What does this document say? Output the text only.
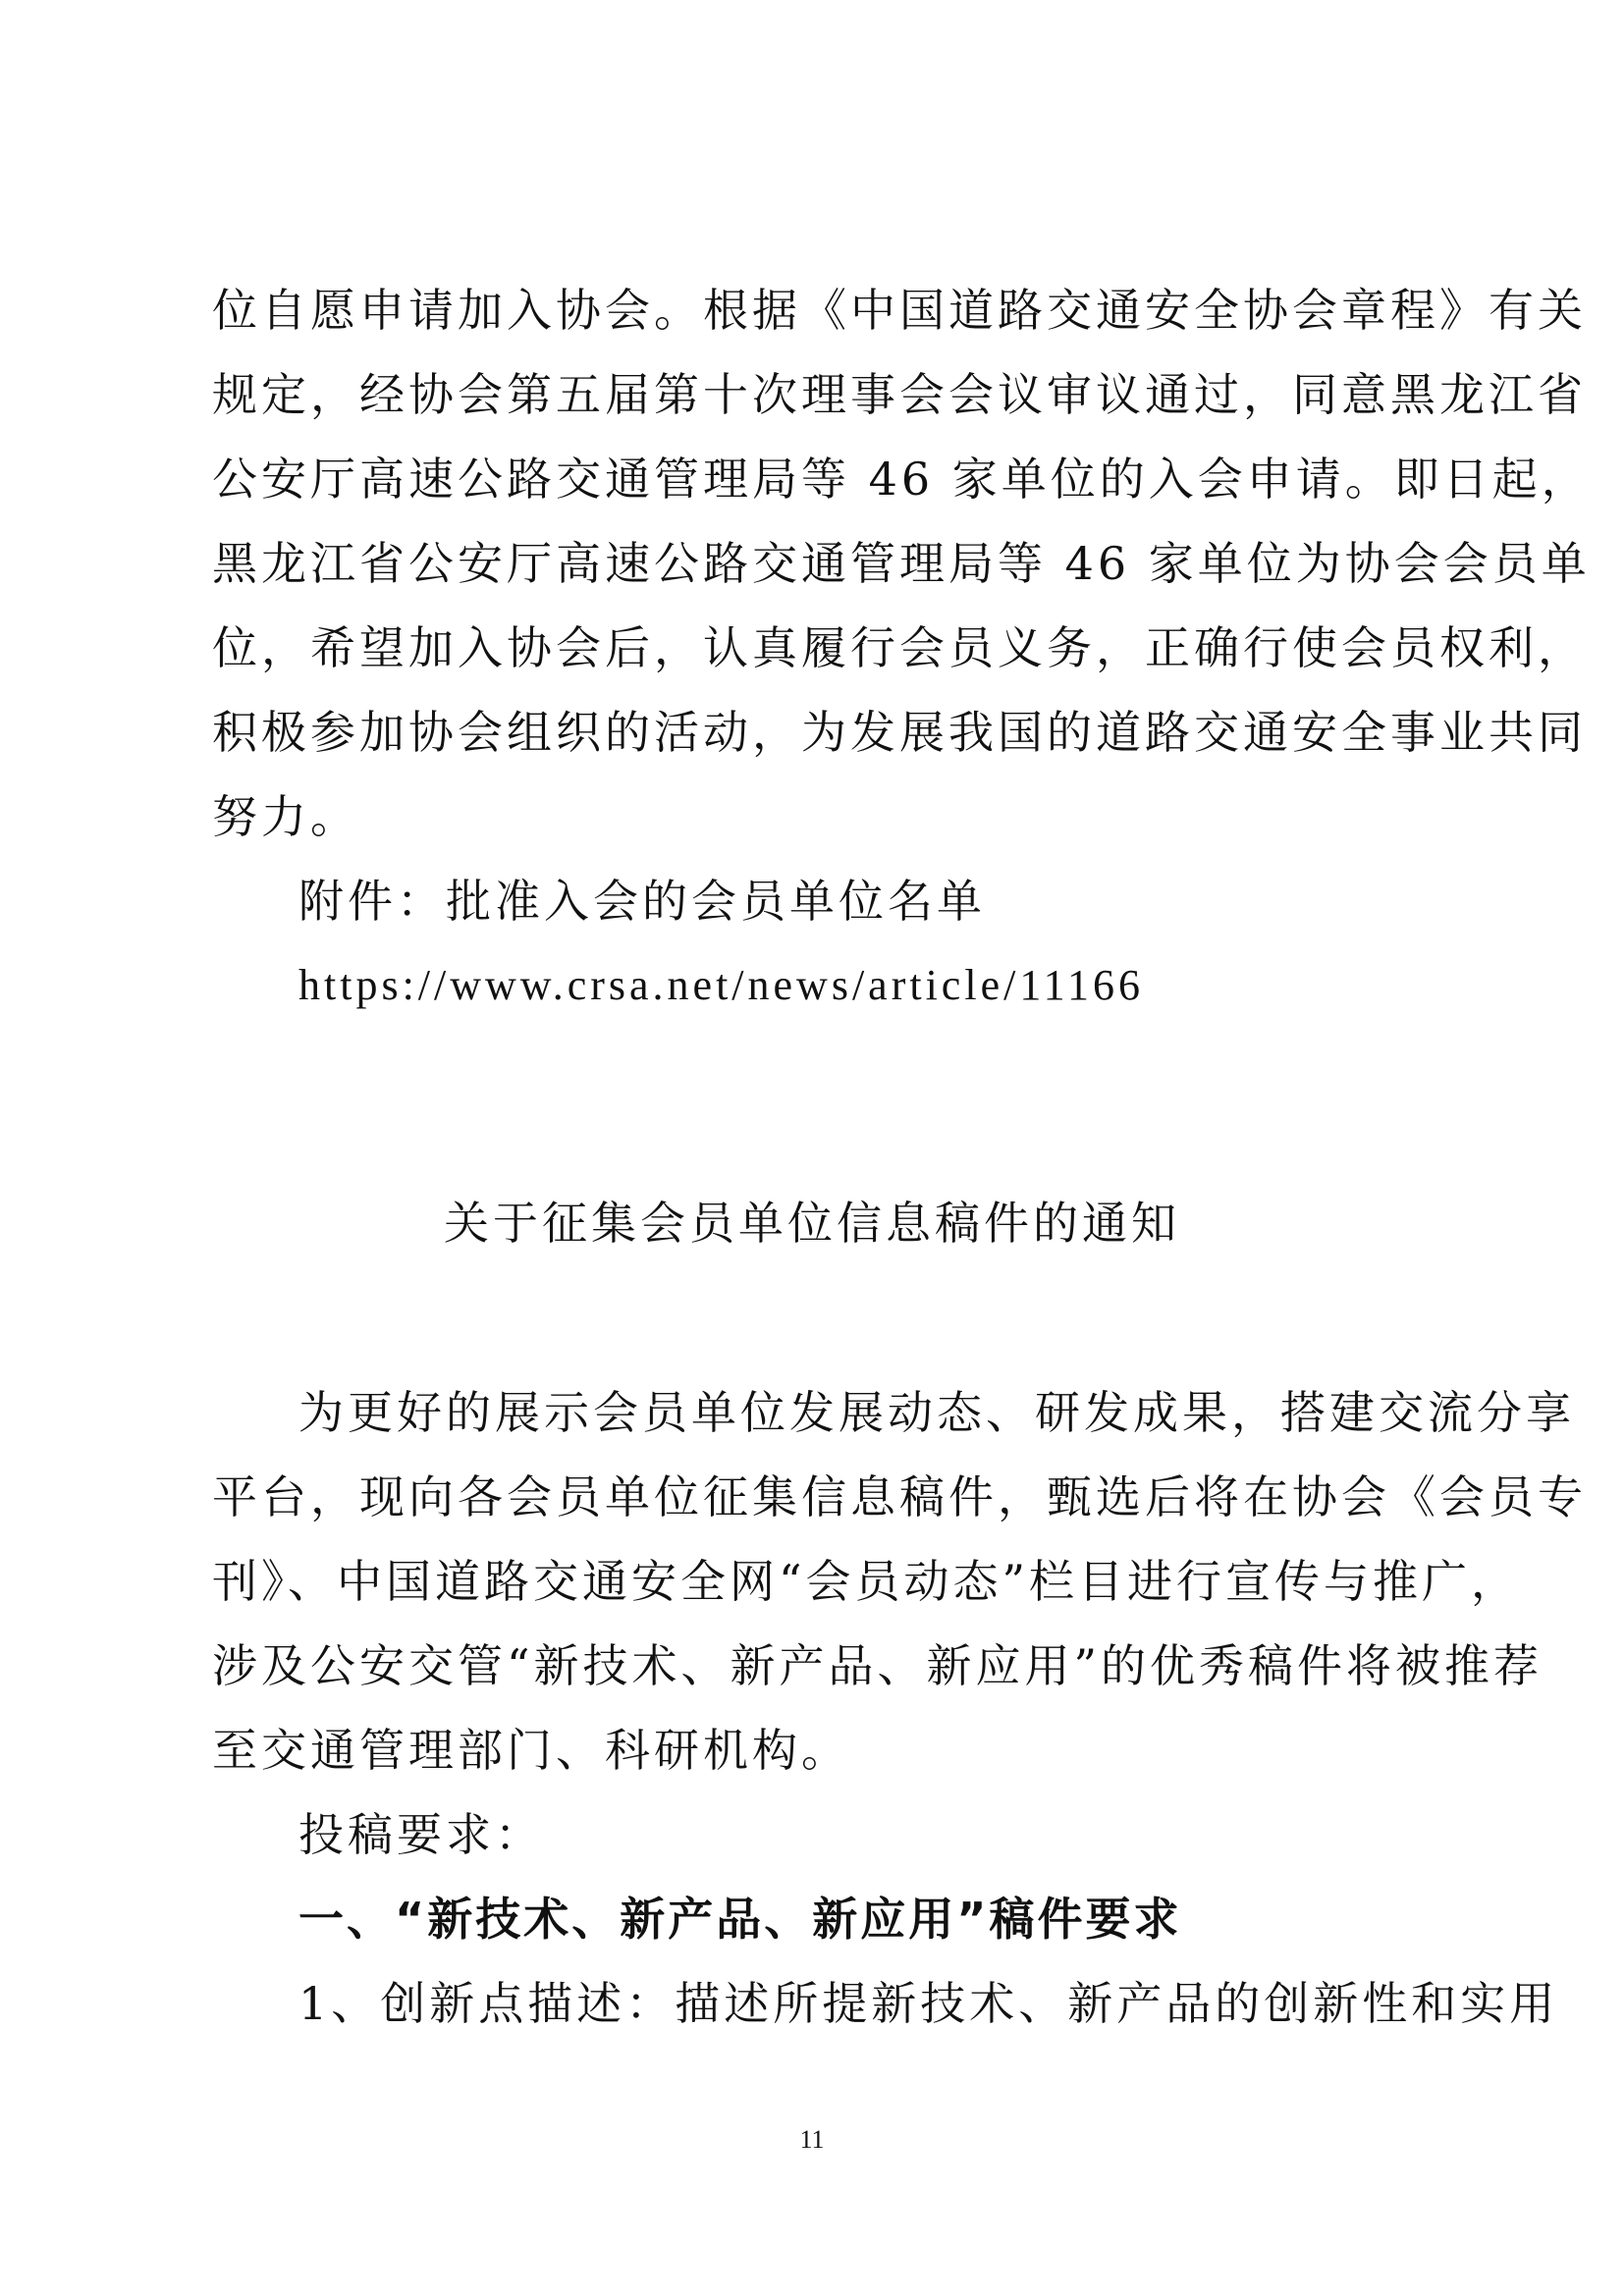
位自愿申请加入协会。根据《中国道路交通安全协会章程》有关
规定，经协会第五届第十次理事会会议审议通过，同意黑龙江省
公安厅高速公路交通管理局等 46 家单位的入会申请。即日起，
黑龙江省公安厅高速公路交通管理局等 46 家单位为协会会员单
位，希望加入协会后，认真履行会员义务，正确行使会员权利，
积极参加协会组织的活动，为发展我国的道路交通安全事业共同
努力。
附件：批准入会的会员单位名单
https://www.crsa.net/news/article/11166
关于征集会员单位信息稿件的通知
为更好的展示会员单位发展动态、研发成果，搭建交流分享
平台，现向各会员单位征集信息稿件，甄选后将在协会《会员专
刊》、中国道路交通安全网“会员动态”栏目进行宣传与推广，
涉及公安交管“新技术、新产品、新应用”的优秀稿件将被推荐
至交通管理部门、科研机构。
投稿要求：
一、“新技术、新产品、新应用”稿件要求
1、创新点描述：描述所提新技术、新产品的创新性和实用
11
